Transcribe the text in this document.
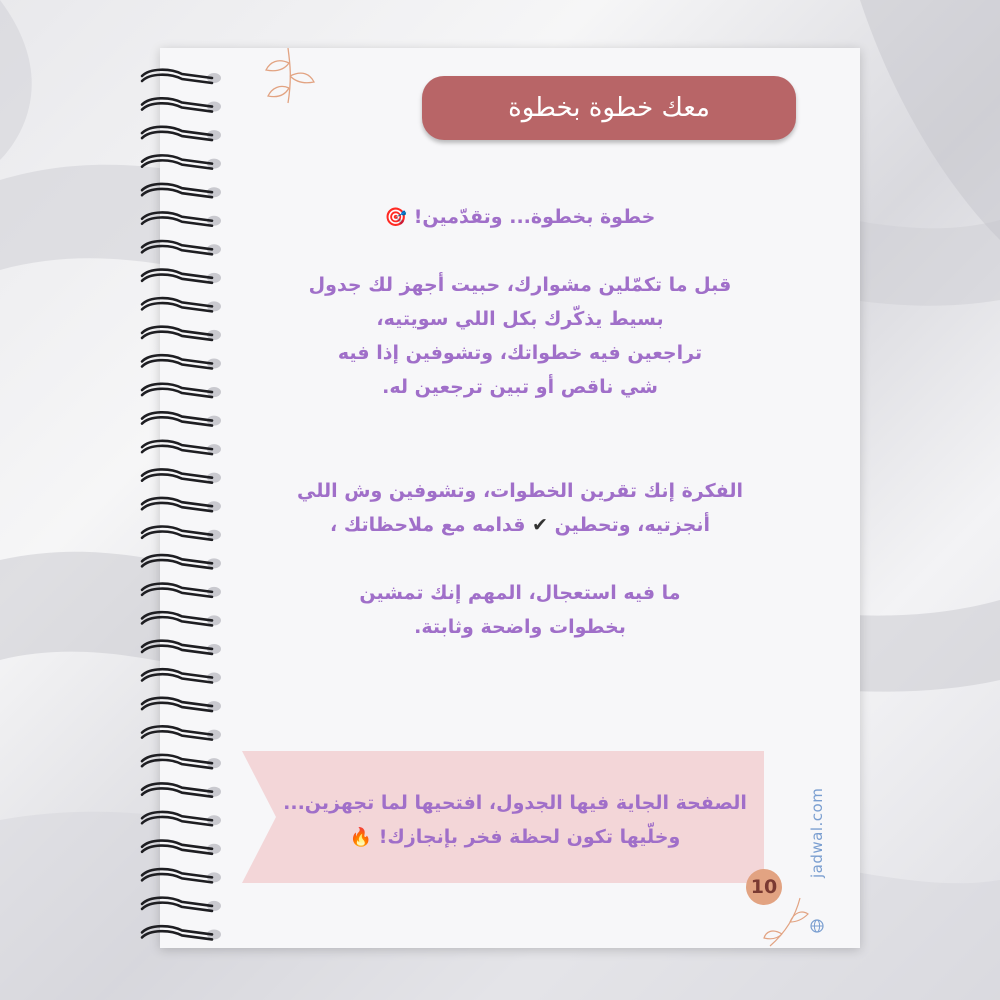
معك خطوة بخطوة
خطوة بخطوة... وتقدّمين! 🎯
قبل ما تكمّلين مشوارك، حبيت أجهز لك جدول
بسيط يذكّرك بكل اللي سويتيه،
تراجعين فيه خطواتك، وتشوفين إذا فيه
شي ناقص أو تبين ترجعين له.
الفكرة إنك تقرين الخطوات، وتشوفين وش اللي
أنجزتيه، وتحطين ✔ قدامه مع ملاحظاتك ،
ما فيه استعجال، المهم إنك تمشين
بخطوات واضحة وثابتة.
الصفحة الجاية فيها الجدول، افتحيها لما تجهزين...
وخلّيها تكون لحظة فخر بإنجازك! 🔥
10
jadwal.com
